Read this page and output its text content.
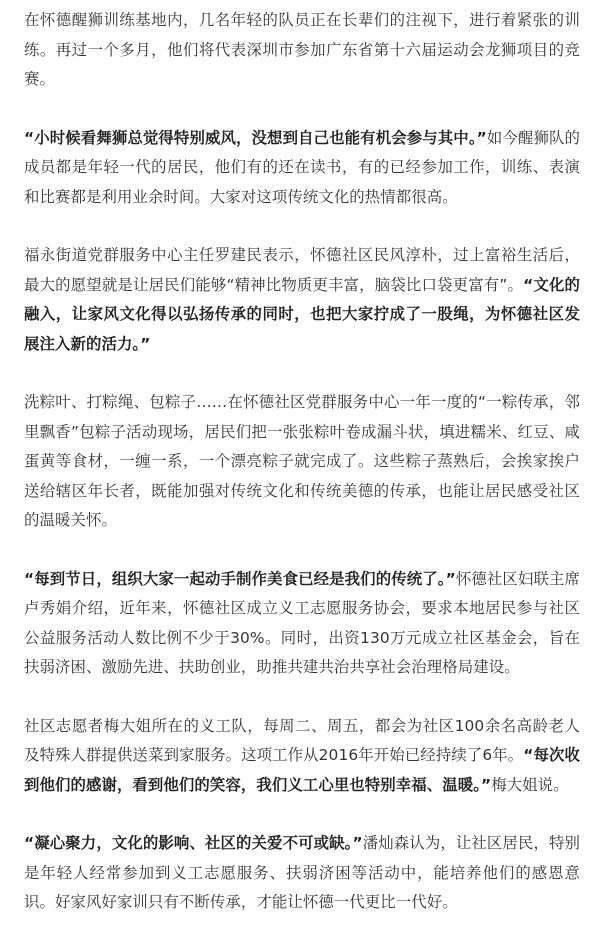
在怀德醒狮训练基地内，几名年轻的队员正在长辈们的注视下，进行着紧张的训练。再过一个多月，他们将代表深圳市参加广东省第十六届运动会龙狮项目的竞赛。

“小时候看舞狮总觉得特别威风，没想到自己也能有机会参与其中。”如今醒狮队的成员都是年轻一代的居民，他们有的还在读书，有的已经参加工作，训练、表演和比赛都是利用业余时间。大家对这项传统文化的热情都很高。

福永街道党群服务中心主任罗建民表示，怀德社区民风淳朴，过上富裕生活后，最大的愿望就是让居民们能够“精神比物质更丰富，脑袋比口袋更富有”。“文化的融入，让家风文化得以弘扬传承的同时，也把大家拧成了一股绳，为怀德社区发展注入新的活力。”

洗粽叶、打粽绳、包粽子……在怀德社区党群服务中心一年一度的“一粽传承，邻里飘香”包粽子活动现场，居民们把一张张粽叶卷成漏斗状，填进糯米、红豆、咸蛋黄等食材，一缠一系，一个漂亮粽子就完成了。这些粽子蒸熟后，会挨家挨户送给辖区年长者，既能加强对传统文化和传统美德的传承，也能让居民感受社区的温暖关怀。

“每到节日，组织大家一起动手制作美食已经是我们的传统了。”怀德社区妇联主席卢秀娟介绍，近年来，怀德社区成立义工志愿服务协会，要求本地居民参与社区公益服务活动人数比例不少于30%。同时，出资130万元成立社区基金会，旨在扶弱济困、激励先进、扶助创业，助推共建共治共享社会治理格局建设。

社区志愿者梅大姐所在的义工队，每周二、周五，都会为社区100余名高龄老人及特殊人群提供送菜到家服务。这项工作从2016年开始已经持续了6年。“每次收到他们的感谢，看到他们的笑容，我们义工心里也特别幸福、温暖。”梅大姐说。

“凝心聚力，文化的影响、社区的关爱不可或缺。”潘灿森认为，让社区居民，特别是年轻人经常参加到义工志愿服务、扶弱济困等活动中，能培养他们的感恩意识。好家风好家训只有不断传承，才能让怀德一代更比一代好。
